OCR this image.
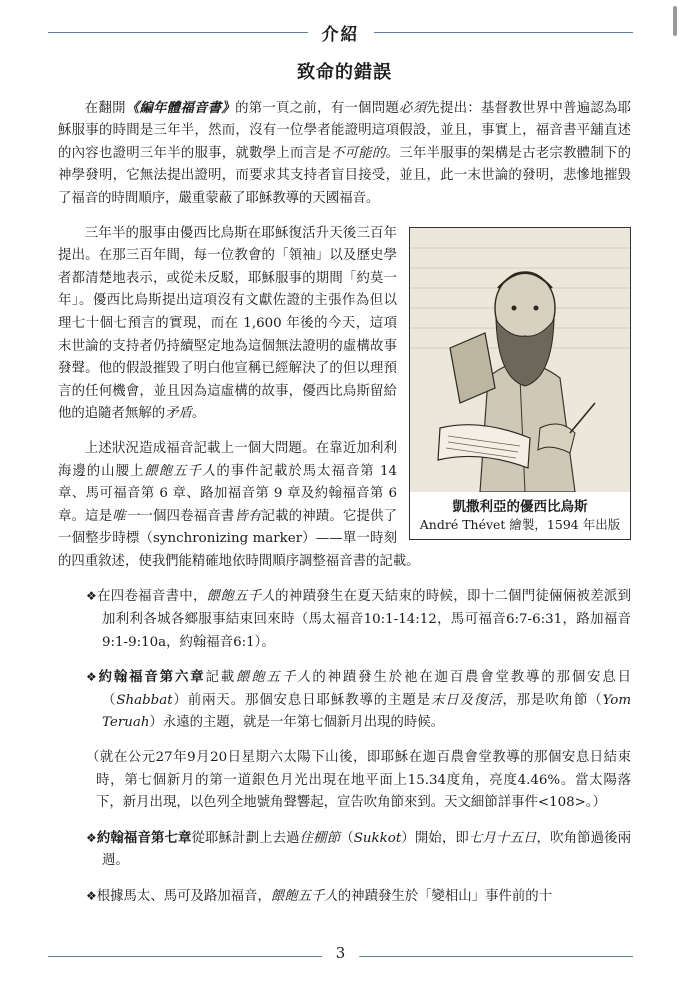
介紹
致命的錯誤

在翻開《編年體福音書》的第一頁之前，有一個問題必須先提出：基督教世界中普遍認為耶穌服事的時間是三年半，然而，沒有一位學者能證明這項假設，並且，事實上，福音書平舖直述的內容也證明三年半的服事，就數學上而言是不可能的。三年半服事的架構是古老宗教體制下的神學發明，它無法提出證明，而要求其支持者盲目接受，並且，此一末世論的發明，悲慘地摧毀了福音的時間順序，嚴重蒙蔽了耶穌教導的天國福音。

凱撒利亞的優西比烏斯
André Thévet 繪製，1594 年出版

三年半的服事由優西比烏斯在耶穌復活升天後三百年提出。在那三百年間，每一位教會的「領袖」以及歷史學者都清楚地表示，或從未反駁，耶穌服事的期間「約莫一年」。優西比烏斯提出這項沒有文獻佐證的主張作為但以理七十個七預言的實現，而在 1,600 年後的今天，這項末世論的支持者仍持續堅定地為這個無法證明的虛構故事發聲。他的假設摧毀了明白他宣稱已經解決了的但以理預言的任何機會，並且因為這虛構的故事，優西比烏斯留給他的追隨者無解的矛盾。

上述狀況造成福音記載上一個大問題。在靠近加利利海邊的山腰上餵飽五千人的事件記載於馬太福音第 14 章、馬可福音第 6 章、路加福音第 9 章及約翰福音第 6 章。這是唯一一個四卷福音書皆有記載的神蹟。它提供了一個整步時標（synchronizing marker）——單一時刻的四重敘述，使我們能精確地依時間順序調整福音書的記載。

❖在四卷福音書中，餵飽五千人的神蹟發生在夏天結束的時候，即十二個門徒倆倆被差派到加利利各城各鄉服事結束回來時（馬太福音10:1-14:12，馬可福音6:7-6:31，路加福音9:1-9:10a，約翰福音6:1）。

❖約翰福音第六章記載餵飽五千人的神蹟發生於祂在迦百農會堂教導的那個安息日（Shabbat）前兩天。那個安息日耶穌教導的主題是末日及復活，那是吹角節（Yom Teruah）永遠的主題，就是一年第七個新月出現的時候。

（就在公元27年9月20日星期六太陽下山後，即耶穌在迦百農會堂教導的那個安息日結束時，第七個新月的第一道銀色月光出現在地平面上15.34度角，亮度4.46%。當太陽落下，新月出現，以色列全地號角聲響起，宣告吹角節來到。天文細節詳事件<108>。）

❖約翰福音第七章從耶穌計劃上去過住棚節（Sukkot）開始，即七月十五日，吹角節過後兩週。

❖根據馬太、馬可及路加福音，餵飽五千人的神蹟發生於「變相山」事件前的十

3
